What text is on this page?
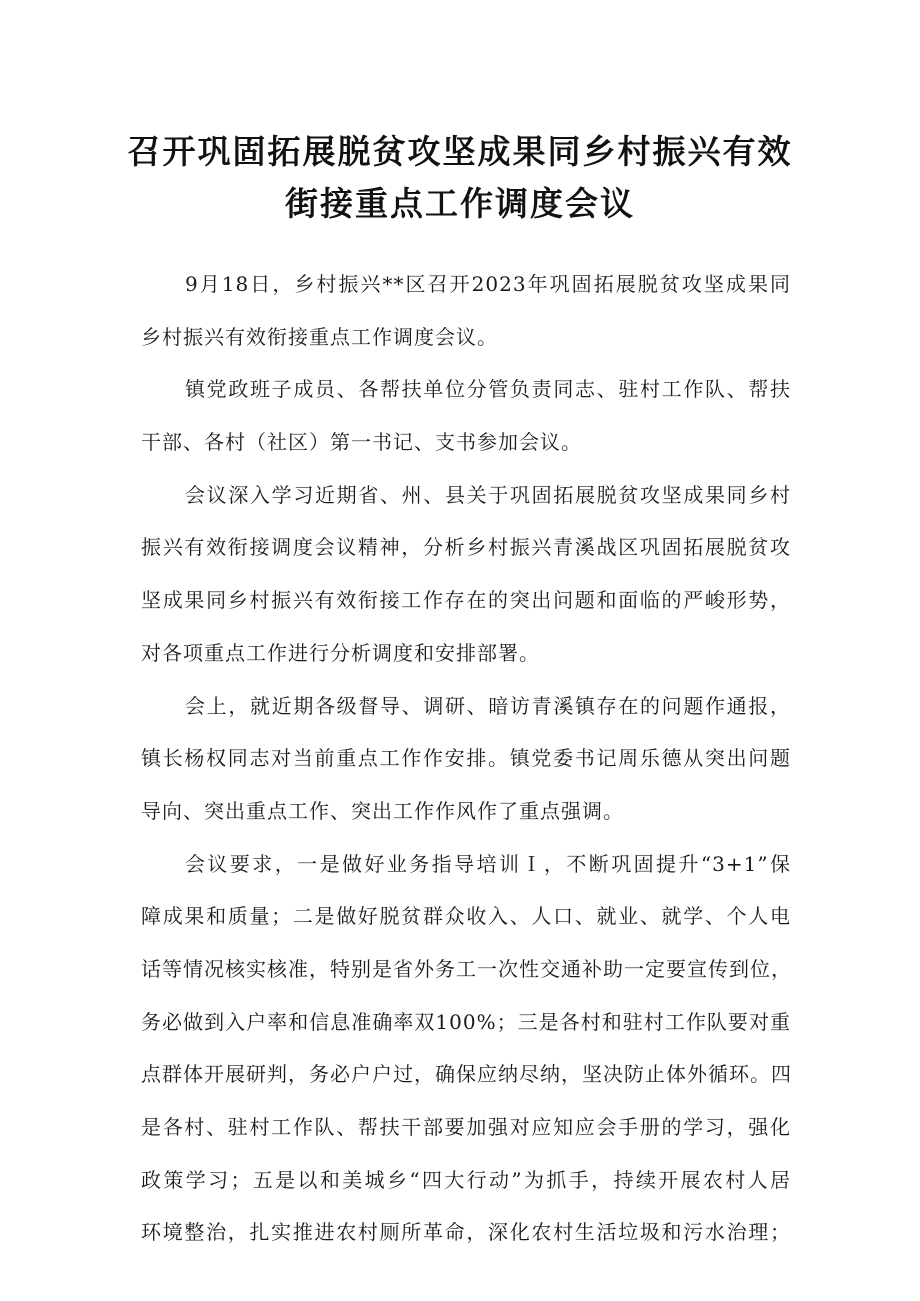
召开巩固拓展脱贫攻坚成果同乡村振兴有效
街接重点工作调度会议
9月18日，乡村振兴**区召开2023年巩固拓展脱贫攻坚成果同
乡村振兴有效衔接重点工作调度会议。
镇党政班子成员、各帮扶单位分管负责同志、驻村工作队、帮扶
干部、各村（社区）第一书记、支书参加会议。
会议深入学习近期省、州、县关于巩固拓展脱贫攻坚成果同乡村
振兴有效衔接调度会议精神，分析乡村振兴青溪战区巩固拓展脱贫攻
坚成果同乡村振兴有效衔接工作存在的突出问题和面临的严峻形势，
对各项重点工作进行分析调度和安排部署。
会上，就近期各级督导、调研、暗访青溪镇存在的问题作通报，
镇长杨权同志对当前重点工作作安排。镇党委书记周乐德从突出问题
导向、突出重点工作、突出工作作风作了重点强调。
会议要求，一是做好业务指导培训Ｉ，不断巩固提升“3+1”保
障成果和质量；二是做好脱贫群众收入、人口、就业、就学、个人电
话等情况核实核准，特别是省外务工一次性交通补助一定要宣传到位，
务必做到入户率和信息准确率双100%；三是各村和驻村工作队要对重
点群体开展研判，务必户户过，确保应纳尽纳，坚决防止体外循环。四
是各村、驻村工作队、帮扶干部要加强对应知应会手册的学习，强化
政策学习；五是以和美城乡“四大行动”为抓手，持续开展农村人居
环境整治，扎实推进农村厕所革命，深化农村生活垃圾和污水治理；
